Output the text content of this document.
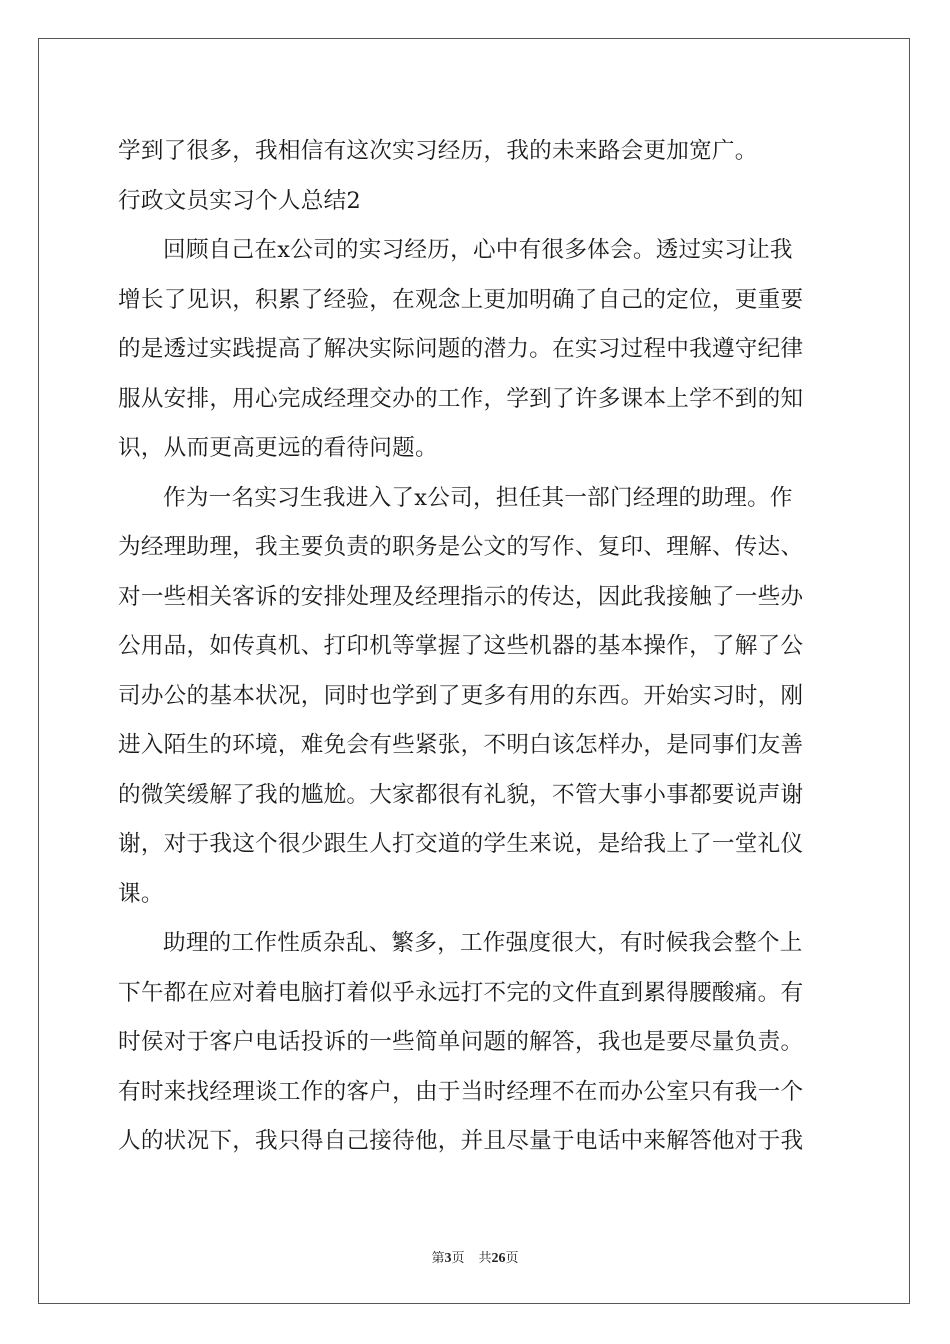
学到了很多，我相信有这次实习经历，我的未来路会更加宽广。
行政文员实习个人总结2
回顾自己在x公司的实习经历，心中有很多体会。透过实习让我
增长了见识，积累了经验，在观念上更加明确了自己的定位，更重要
的是透过实践提高了解决实际问题的潜力。在实习过程中我遵守纪律
服从安排，用心完成经理交办的工作，学到了许多课本上学不到的知
识，从而更高更远的看待问题。
作为一名实习生我进入了x公司，担任其一部门经理的助理。作
为经理助理，我主要负责的职务是公文的写作、复印、理解、传达、
对一些相关客诉的安排处理及经理指示的传达，因此我接触了一些办
公用品，如传真机、打印机等掌握了这些机器的基本操作，了解了公
司办公的基本状况，同时也学到了更多有用的东西。开始实习时，刚
进入陌生的环境，难免会有些紧张，不明白该怎样办，是同事们友善
的微笑缓解了我的尴尬。大家都很有礼貌，不管大事小事都要说声谢
谢，对于我这个很少跟生人打交道的学生来说，是给我上了一堂礼仪
课。
助理的工作性质杂乱、繁多，工作强度很大，有时候我会整个上
下午都在应对着电脑打着似乎永远打不完的文件直到累得腰酸痛。有
时侯对于客户电话投诉的一些简单问题的解答，我也是要尽量负责。
有时来找经理谈工作的客户，由于当时经理不在而办公室只有我一个
人的状况下，我只得自己接待他，并且尽量于电话中来解答他对于我
第3页 共26页
